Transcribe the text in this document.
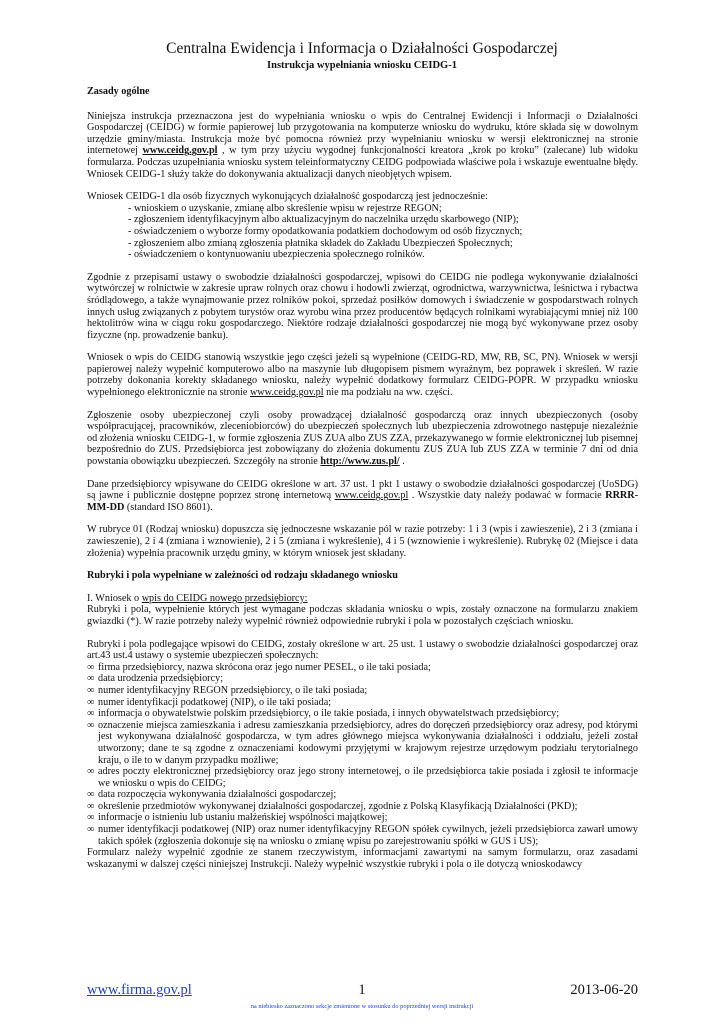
Centralna Ewidencja i Informacja o Działalności Gospodarczej
Instrukcja wypełniania wniosku CEIDG-1

Zasady ogólne

Niniejsza instrukcja przeznaczona jest do wypełniania wniosku o wpis do Centralnej Ewidencji i Informacji o Działalności Gospodarczej (CEIDG) w formie papierowej lub przygotowania na komputerze wniosku do wydruku, które składa się w dowolnym urzędzie gminy/miasta. Instrukcja może być pomocna również przy wypełnianiu wniosku w wersji elektronicznej na stronie internetowej www.ceidg.gov.pl , w tym przy użyciu wygodnej funkcjonalności kreatora „krok po kroku” (zalecane) lub widoku formularza. Podczas uzupełniania wniosku system teleinformatyczny CEIDG podpowiada właściwe pola i wskazuje ewentualne błędy. Wniosek CEIDG-1 służy także do dokonywania aktualizacji danych nieobjętych wpisem.

Wniosek CEIDG-1 dla osób fizycznych wykonujących działalność gospodarczą jest jednocześnie:

- wnioskiem o uzyskanie, zmianę albo skreślenie wpisu w rejestrze REGON;
- zgłoszeniem identyfikacyjnym albo aktualizacyjnym do naczelnika urzędu skarbowego (NIP);
- oświadczeniem o wyborze formy opodatkowania podatkiem dochodowym od osób fizycznych;
- zgłoszeniem albo zmianą zgłoszenia płatnika składek do Zakładu Ubezpieczeń Społecznych;
- oświadczeniem o kontynuowaniu ubezpieczenia społecznego rolników.

Zgodnie z przepisami ustawy o swobodzie działalności gospodarczej, wpisowi do CEIDG nie podlega wykonywanie działalności wytwórczej w rolnictwie w zakresie upraw rolnych oraz chowu i hodowli zwierząt, ogrodnictwa, warzywnictwa, leśnictwa i rybactwa śródlądowego, a także wynajmowanie przez rolników pokoi, sprzedaż posiłków domowych i świadczenie w gospodarstwach rolnych innych usług związanych z pobytem turystów oraz wyrobu wina przez producentów będących rolnikami wyrabiającymi mniej niż 100 hektolitrów wina w ciągu roku gospodarczego. Niektóre rodzaje działalności gospodarczej nie mogą być wykonywane przez osoby fizyczne (np. prowadzenie banku).

Wniosek o wpis do CEIDG stanowią wszystkie jego części jeżeli są wypełnione (CEIDG-RD, MW, RB, SC, PN). Wniosek w wersji papierowej należy wypełnić komputerowo albo na maszynie lub długopisem pismem wyraźnym, bez poprawek i skreśleń. W razie potrzeby dokonania korekty składanego wniosku, należy wypełnić dodatkowy formularz CEIDG-POPR. W przypadku wniosku wypełnionego elektronicznie na stronie www.ceidg.gov.pl nie ma podziału na ww. części.

Zgłoszenie osoby ubezpieczonej czyli osoby prowadzącej działalność gospodarczą oraz innych ubezpieczonych (osoby współpracującej, pracowników, zleceniobiorców) do ubezpieczeń społecznych lub ubezpieczenia zdrowotnego następuje niezależnie od złożenia wniosku CEIDG-1, w formie zgłoszenia ZUS ZUA albo ZUS ZZA, przekazywanego w formie elektronicznej lub pisemnej bezpośrednio do ZUS. Przedsiębiorca jest zobowiązany do złożenia dokumentu ZUS ZUA lub ZUS ZZA w terminie 7 dni od dnia powstania obowiązku ubezpieczeń. Szczegóły na stronie http://www.zus.pl/ .

Dane przedsiębiorcy wpisywane do CEIDG określone w art. 37 ust. 1 pkt 1 ustawy o swobodzie działalności gospodarczej (UoSDG) są jawne i publicznie dostępne poprzez stronę internetową www.ceidg.gov.pl . Wszystkie daty należy podawać w formacie RRRR-MM-DD (standard ISO 8601).

W rubryce 01 (Rodzaj wniosku) dopuszcza się jednoczesne wskazanie pól w razie potrzeby: 1 i 3 (wpis i zawieszenie), 2 i 3 (zmiana i zawieszenie), 2 i 4 (zmiana i wznowienie), 2 i 5 (zmiana i wykreślenie), 4 i 5 (wznowienie i wykreślenie). Rubrykę 02 (Miejsce i data złożenia) wypełnia pracownik urzędu gminy, w którym wniosek jest składany.

Rubryki i pola wypełniane w zależności od rodzaju składanego wniosku

I. Wniosek o wpis do CEIDG nowego przedsiębiorcy:

Rubryki i pola, wypełnienie których jest wymagane podczas składania wniosku o wpis, zostały oznaczone na formularzu znakiem gwiazdki (*). W razie potrzeby należy wypełnić również odpowiednie rubryki i pola w pozostałych częściach wniosku.

Rubryki i pola podlegające wpisowi do CEIDG, zostały określone w art. 25 ust. 1 ustawy o swobodzie działalności gospodarczej oraz art.43 ust.4 ustawy o systemie ubezpieczeń społecznych:

∞ firma przedsiębiorcy, nazwa skrócona oraz jego numer PESEL, o ile taki posiada;
∞ data urodzenia przedsiębiorcy;
∞ numer identyfikacyjny REGON przedsiębiorcy, o ile taki posiada;
∞ numer identyfikacji podatkowej (NIP), o ile taki posiada;
∞ informacja o obywatelstwie polskim przedsiębiorcy, o ile takie posiada, i innych obywatelstwach przedsiębiorcy;
∞ oznaczenie miejsca zamieszkania i adresu zamieszkania przedsiębiorcy, adres do doręczeń przedsiębiorcy oraz adresy, pod którymi jest wykonywana działalność gospodarcza, w tym adres głównego miejsca wykonywania działalności i oddziału, jeżeli został utworzony; dane te są zgodne z oznaczeniami kodowymi przyjętymi w krajowym rejestrze urzędowym podziału terytorialnego kraju, o ile to w danym przypadku możliwe;
∞ adres poczty elektronicznej przedsiębiorcy oraz jego strony internetowej, o ile przedsiębiorca takie posiada i zgłosił te informacje we wniosku o wpis do CEIDG;
∞ data rozpoczęcia wykonywania działalności gospodarczej;
∞ określenie przedmiotów wykonywanej działalności gospodarczej, zgodnie z Polską Klasyfikacją Działalności (PKD);
∞ informacje o istnieniu lub ustaniu małżeńskiej wspólności majątkowej;
∞ numer identyfikacji podatkowej (NIP) oraz numer identyfikacyjny REGON spółek cywilnych, jeżeli przedsiębiorca zawarł umowy takich spółek (zgłoszenia dokonuje się na wniosku o zmianę wpisu po zarejestrowaniu spółki w GUS i US);

Formularz należy wypełnić zgodnie ze stanem rzeczywistym, informacjami zawartymi na samym formularzu, oraz zasadami wskazanymi w dalszej części niniejszej Instrukcji. Należy wypełnić wszystkie rubryki i pola o ile dotyczą wnioskodawcy

www.firma.gov.pl	1	2013-06-20
na niebiesko zaznaczono sekcje zmienione w stosunku do poprzedniej wersji instrukcji
